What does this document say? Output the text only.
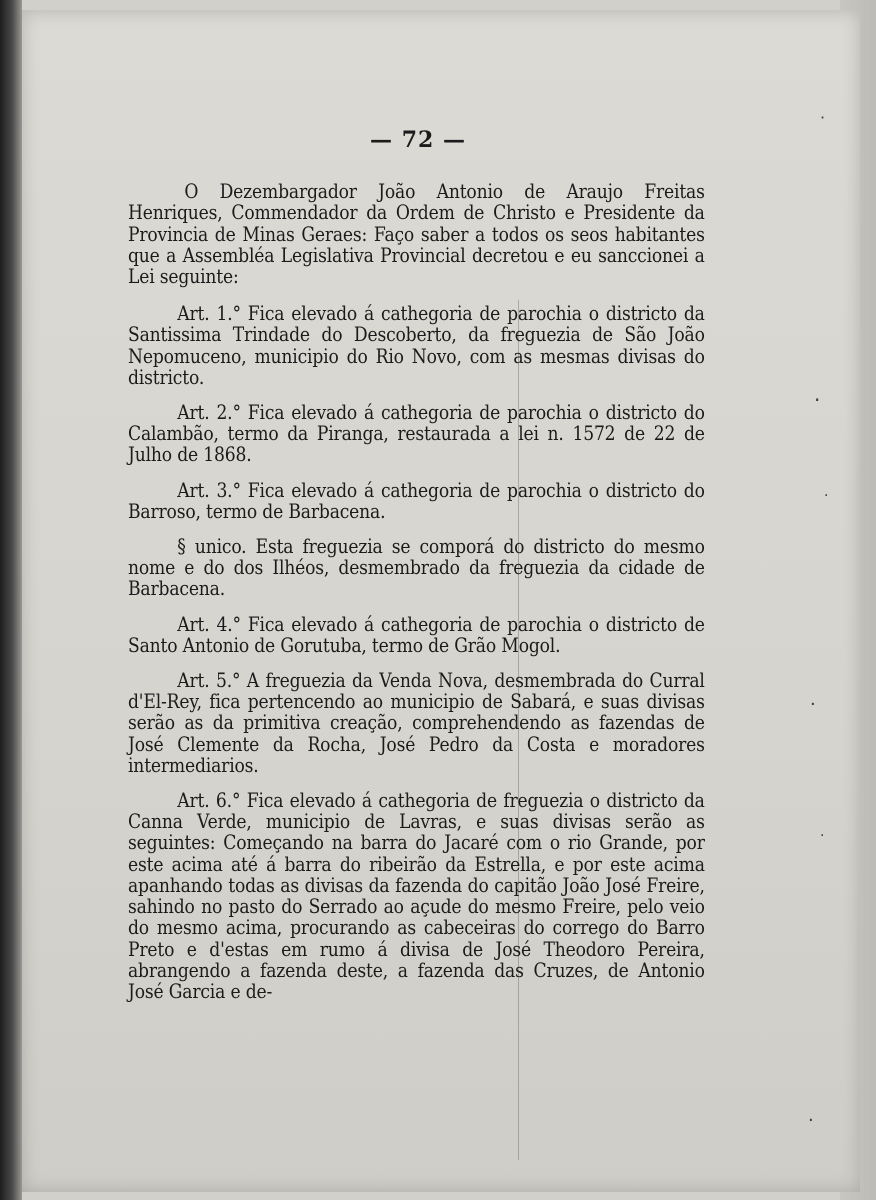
·
·
·
·
·
·
— 72 —

O Dezembargador João Antonio de Araujo Freitas Henriques, Commendador da Ordem de Christo e Presidente da Provincia de Minas Geraes: Faço saber a todos os seos habitantes que a Assembléa Legislativa Provincial decretou e eu sanccionei a Lei seguinte:

Art. 1.° Fica elevado á cathegoria de parochia o districto da Santissima Trindade do Descoberto, da freguezia de São João Nepomuceno, municipio do Rio Novo, com as mesmas divisas do districto.

Art. 2.° Fica elevado á cathegoria de parochia o districto do Calambão, termo da Piranga, restaurada a lei n. 1572 de 22 de Julho de 1868.

Art. 3.° Fica elevado á cathegoria de parochia o districto do Barroso, termo de Barbacena.

§ unico. Esta freguezia se comporá do districto do mesmo nome e do dos Ilhéos, desmembrado da freguezia da cidade de Barbacena.

Art. 4.° Fica elevado á cathegoria de parochia o districto de Santo Antonio de Gorutuba, termo de Grão Mogol.

Art. 5.° A freguezia da Venda Nova, desmembrada do Curral d'El-Rey, fica pertencendo ao municipio de Sabará, e suas divisas serão as da primitiva creação, comprehendendo as fazendas de José Clemente da Rocha, José Pedro da Costa e moradores intermediarios.

Art. 6.° Fica elevado á cathegoria de freguezia o districto da Canna Verde, municipio de Lavras, e suas divisas serão as seguintes: Começando na barra do Jacaré com o rio Grande, por este acima até á barra do ribeirão da Estrella, e por este acima apanhando todas as divisas da fazenda do capitão João José Freire, sahindo no pasto do Serrado ao açude do mesmo Freire, pelo veio do mesmo acima, procurando as cabeceiras do corrego do Barro Preto e d'estas em rumo á divisa de José Theodoro Pereira, abrangendo a fazenda deste, a fazenda das Cruzes, de Antonio José Garcia e de-
